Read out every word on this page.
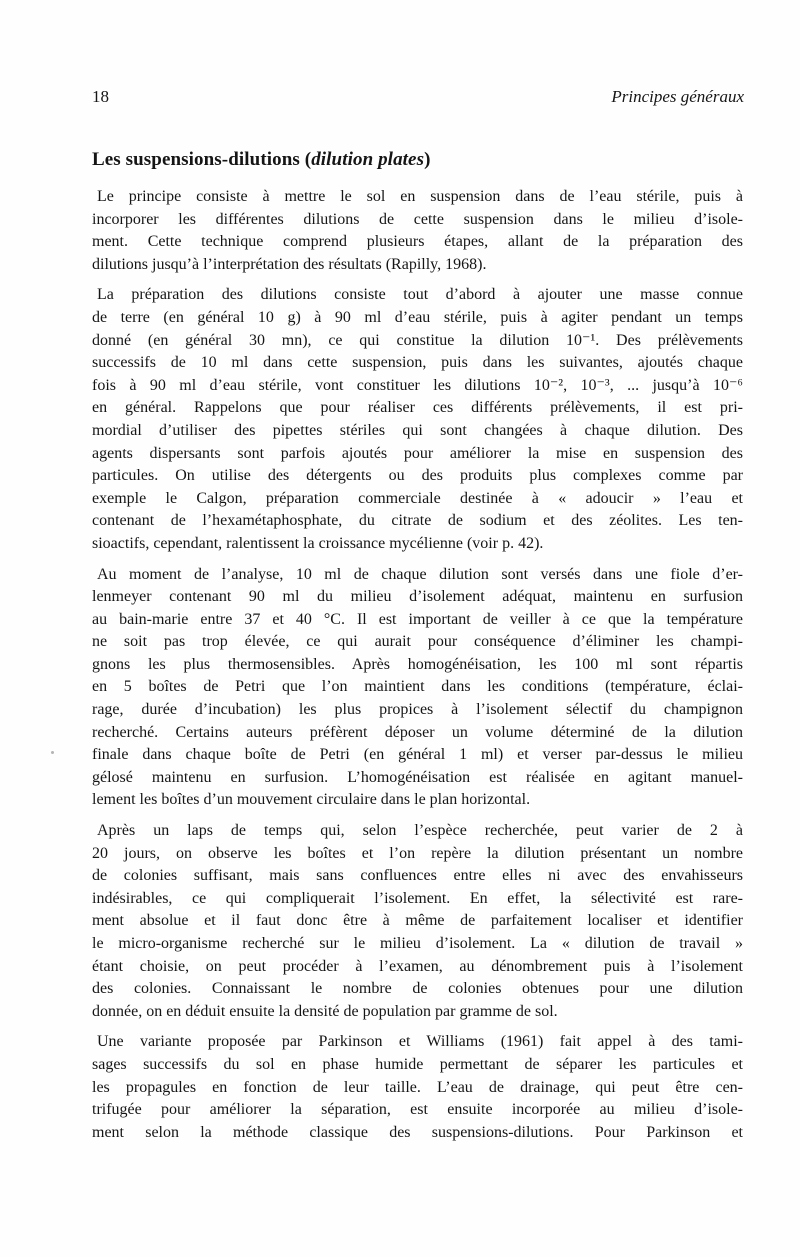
18	Principes généraux
Les suspensions-dilutions (dilution plates)

Le principe consiste à mettre le sol en suspension dans de l’eau stérile, puis à
incorporer les différentes dilutions de cette suspension dans le milieu d’isole-
ment. Cette technique comprend plusieurs étapes, allant de la préparation des
dilutions jusqu’à l’interprétation des résultats (Rapilly, 1968).

La préparation des dilutions consiste tout d’abord à ajouter une masse connue
de terre (en général 10 g) à 90 ml d’eau stérile, puis à agiter pendant un temps
donné (en général 30 mn), ce qui constitue la dilution 10⁻¹. Des prélèvements
successifs de 10 ml dans cette suspension, puis dans les suivantes, ajoutés chaque
fois à 90 ml d’eau stérile, vont constituer les dilutions 10⁻², 10⁻³, ... jusqu’à 10⁻⁶
en général. Rappelons que pour réaliser ces différents prélèvements, il est pri-
mordial d’utiliser des pipettes stériles qui sont changées à chaque dilution. Des
agents dispersants sont parfois ajoutés pour améliorer la mise en suspension des
particules. On utilise des détergents ou des produits plus complexes comme par
exemple le Calgon, préparation commerciale destinée à « adoucir » l’eau et
contenant de l’hexamétaphosphate, du citrate de sodium et des zéolites. Les ten-
sioactifs, cependant, ralentissent la croissance mycélienne (voir p. 42).

Au moment de l’analyse, 10 ml de chaque dilution sont versés dans une fiole d’er-
lenmeyer contenant 90 ml du milieu d’isolement adéquat, maintenu en surfusion
au bain-marie entre 37 et 40 °C. Il est important de veiller à ce que la température
ne soit pas trop élevée, ce qui aurait pour conséquence d’éliminer les champi-
gnons les plus thermosensibles. Après homogénéisation, les 100 ml sont répartis
en 5 boîtes de Petri que l’on maintient dans les conditions (température, éclai-
rage, durée d’incubation) les plus propices à l’isolement sélectif du champignon
recherché. Certains auteurs préfèrent déposer un volume déterminé de la dilution
finale dans chaque boîte de Petri (en général 1 ml) et verser par-dessus le milieu
gélosé maintenu en surfusion. L’homogénéisation est réalisée en agitant manuel-
lement les boîtes d’un mouvement circulaire dans le plan horizontal.

Après un laps de temps qui, selon l’espèce recherchée, peut varier de 2 à
20 jours, on observe les boîtes et l’on repère la dilution présentant un nombre
de colonies suffisant, mais sans confluences entre elles ni avec des envahisseurs
indésirables, ce qui compliquerait l’isolement. En effet, la sélectivité est rare-
ment absolue et il faut donc être à même de parfaitement localiser et identifier
le micro-organisme recherché sur le milieu d’isolement. La « dilution de travail »
étant choisie, on peut procéder à l’examen, au dénombrement puis à l’isolement
des colonies. Connaissant le nombre de colonies obtenues pour une dilution
donnée, on en déduit ensuite la densité de population par gramme de sol.

Une variante proposée par Parkinson et Williams (1961) fait appel à des tami-
sages successifs du sol en phase humide permettant de séparer les particules et
les propagules en fonction de leur taille. L’eau de drainage, qui peut être cen-
trifugée pour améliorer la séparation, est ensuite incorporée au milieu d’isole-
ment selon la méthode classique des suspensions-dilutions. Pour Parkinson et
